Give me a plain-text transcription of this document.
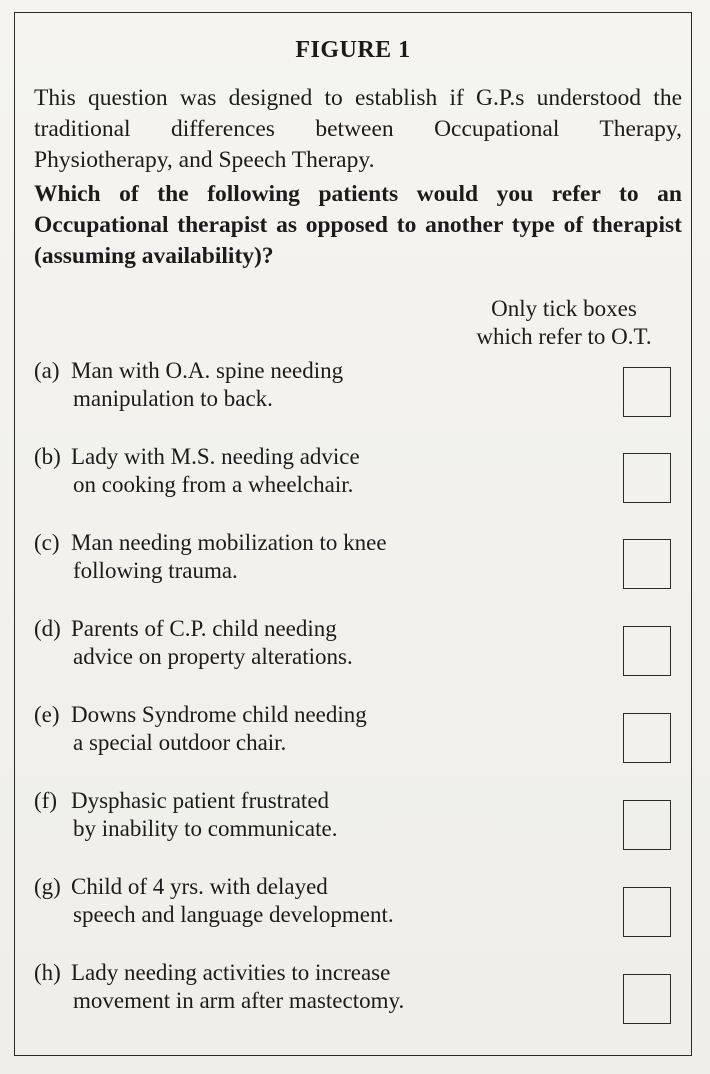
FIGURE 1
This question was designed to establish if G.P.s understood the traditional differences between Occupational Therapy, Physiotherapy, and Speech Therapy.
Which of the following patients would you refer to an Occupational therapist as opposed to another type of therapist (assuming availability)?
Only tick boxes
which refer to O.T.
(a) Man with O.A. spine needing
manipulation to back.
(b) Lady with M.S. needing advice
on cooking from a wheelchair.
(c) Man needing mobilization to knee
following trauma.
(d) Parents of C.P. child needing
advice on property alterations.
(e) Downs Syndrome child needing
a special outdoor chair.
(f) Dysphasic patient frustrated
by inability to communicate.
(g) Child of 4 yrs. with delayed
speech and language development.
(h) Lady needing activities to increase
movement in arm after mastectomy.
